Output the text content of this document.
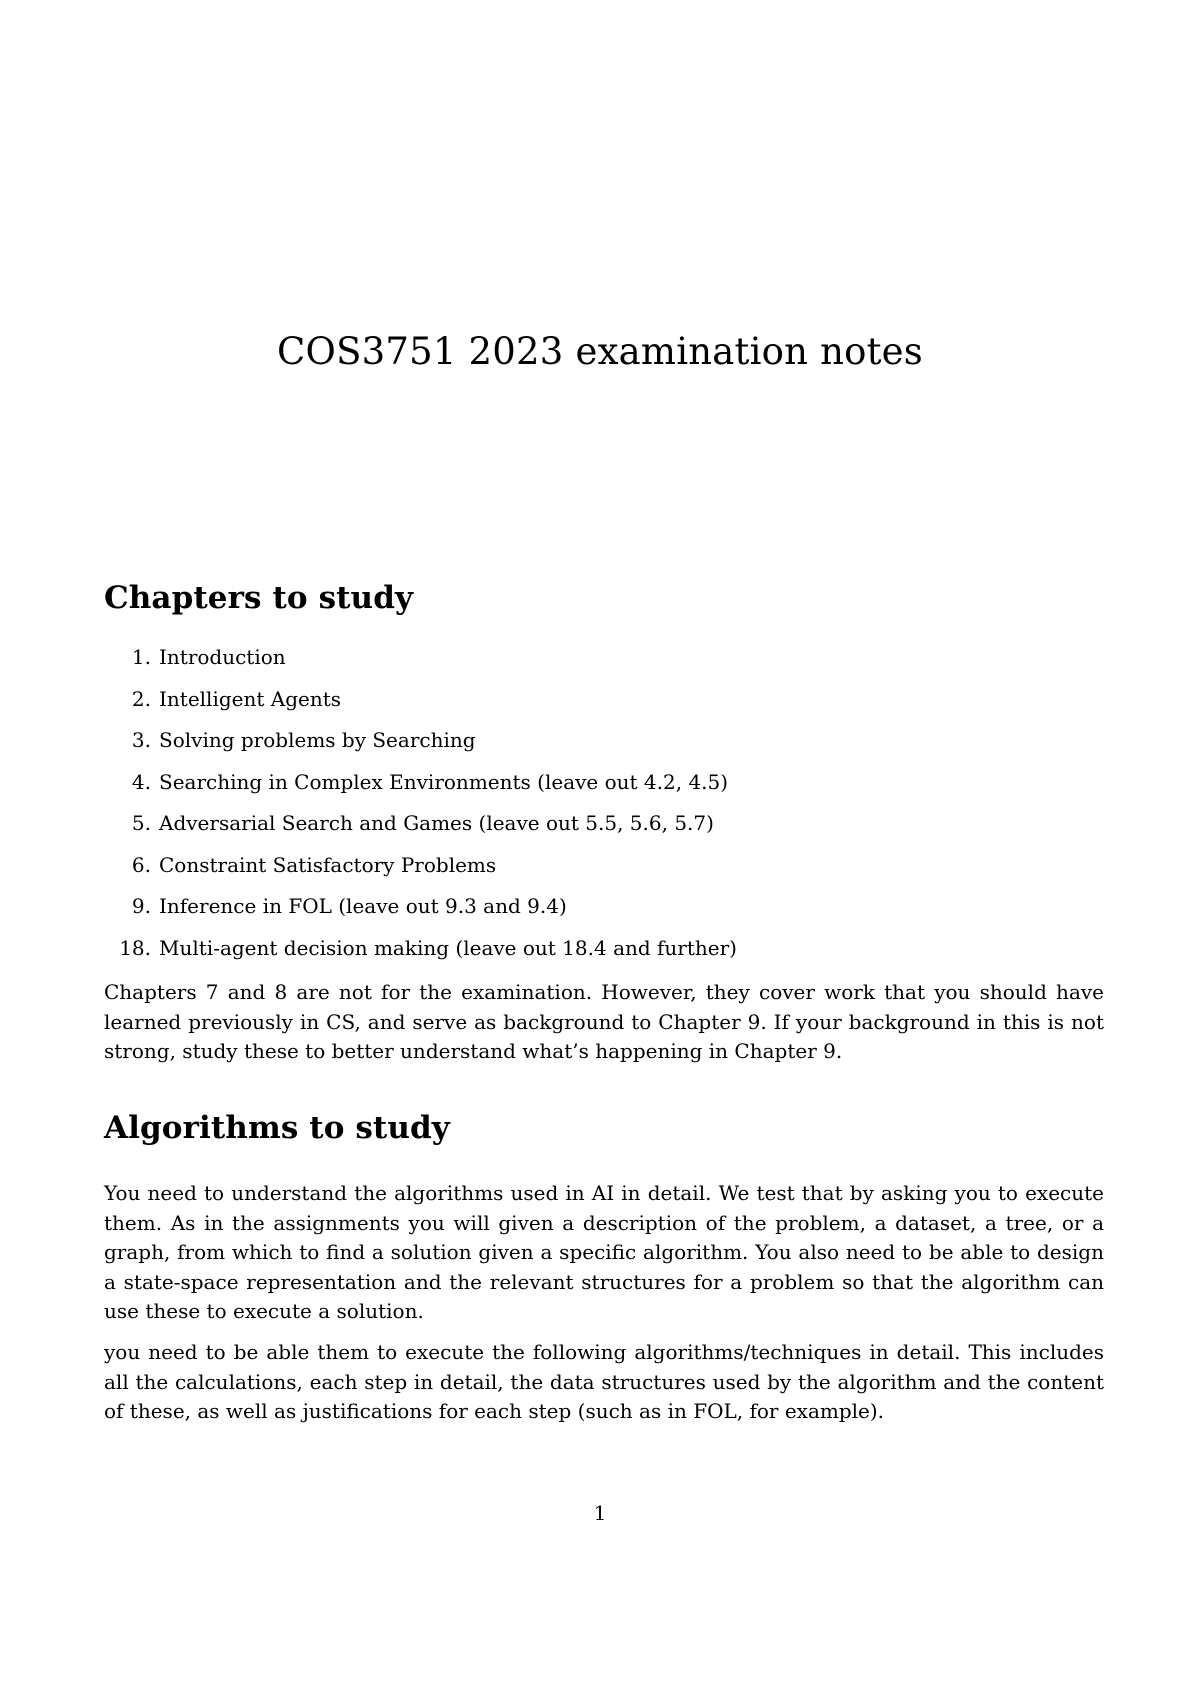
COS3751 2023 examination notes
Chapters to study
1. Introduction
2. Intelligent Agents
3. Solving problems by Searching
4. Searching in Complex Environments (leave out 4.2, 4.5)
5. Adversarial Search and Games (leave out 5.5, 5.6, 5.7)
6. Constraint Satisfactory Problems
9. Inference in FOL (leave out 9.3 and 9.4)
18. Multi-agent decision making (leave out 18.4 and further)

Chapters 7 and 8 are not for the examination. However, they cover work that you should have learned previously in CS, and serve as background to Chapter 9. If your background in this is not strong, study these to better understand what’s happening in Chapter 9.

Algorithms to study

You need to understand the algorithms used in AI in detail. We test that by asking you to execute them. As in the assignments you will given a description of the problem, a dataset, a tree, or a graph, from which to find a solution given a specific algorithm. You also need to be able to design a state-space representation and the relevant structures for a problem so that the algorithm can use these to execute a solution.

you need to be able them to execute the following algorithms/techniques in detail. This includes all the calculations, each step in detail, the data structures used by the algorithm and the content of these, as well as justifications for each step (such as in FOL, for example).

1
